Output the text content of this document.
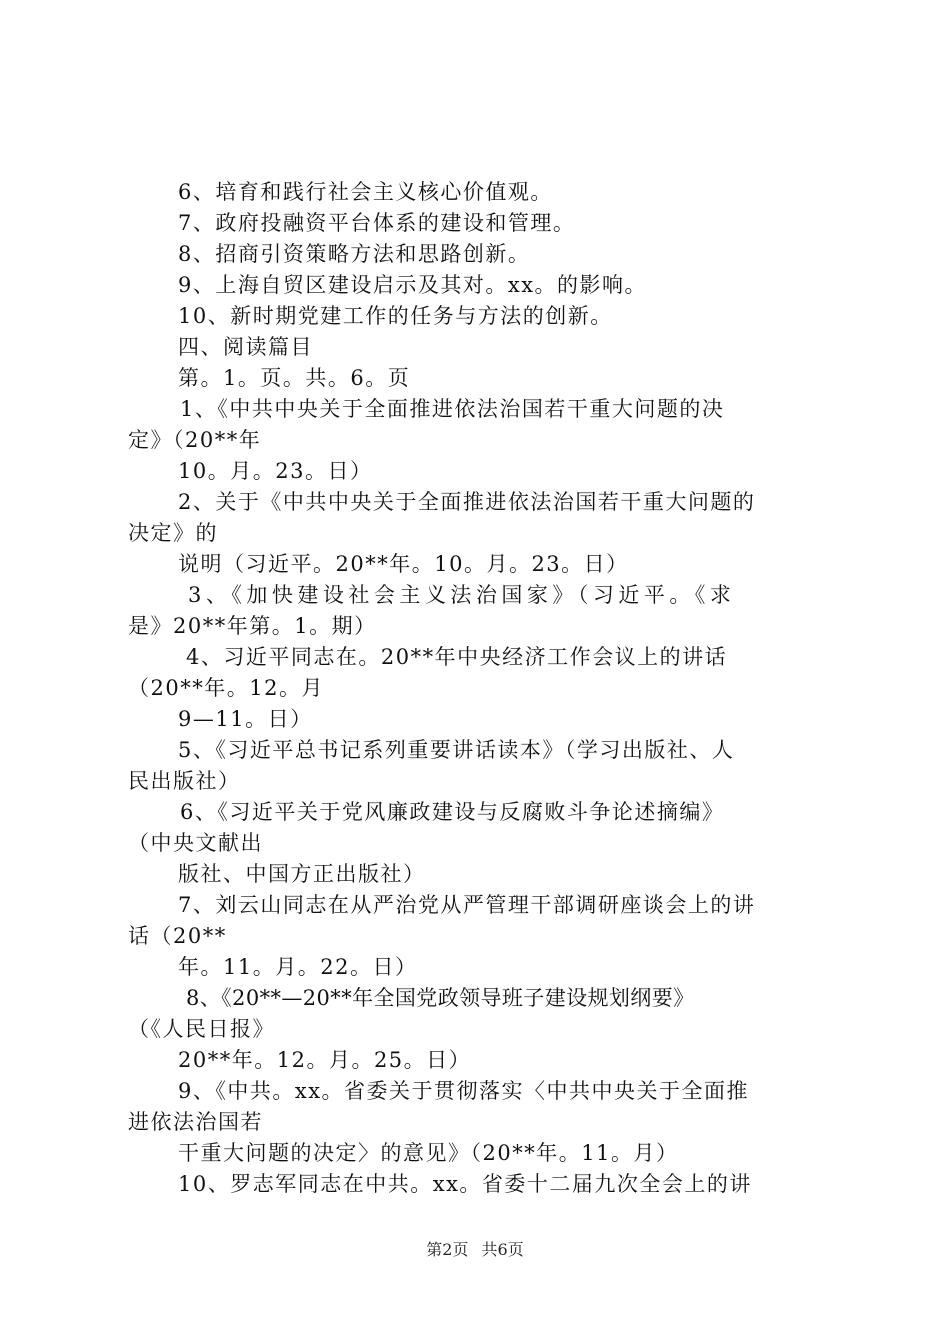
6、培育和践行社会主义核心价值观。
7、政府投融资平台体系的建设和管理。
8、招商引资策略方法和思路创新。
9、上海自贸区建设启示及其对。xx。的影响。
10、新时期党建工作的任务与方法的创新。
四、阅读篇目
第。1。页。共。6。页
1、《中共中央关于全面推进依法治国若干重大问题的决
定》（20**年
10。月。23。日）
2、关于《中共中央关于全面推进依法治国若干重大问题的
决定》的
说明（习近平。20**年。10。月。23。日）
3、《加快建设社会主义法治国家》（习近平。《求
是》20**年第。1。期）
4、习近平同志在。20**年中央经济工作会议上的讲话
（20**年。12。月
9—11。日）
5、《习近平总书记系列重要讲话读本》（学习出版社、人
民出版社）
6、《习近平关于党风廉政建设与反腐败斗争论述摘编》
（中央文献出
版社、中国方正出版社）
7、刘云山同志在从严治党从严管理干部调研座谈会上的讲
话（20**
年。11。月。22。日）
8、《20**—20**年全国党政领导班子建设规划纲要》
（《人民日报》
20**年。12。月。25。日）
9、《中共。xx。省委关于贯彻落实〈中共中央关于全面推
进依法治国若
干重大问题的决定〉的意见》（20**年。11。月）
10、罗志军同志在中共。xx。省委十二届九次全会上的讲
第2页 共6页
